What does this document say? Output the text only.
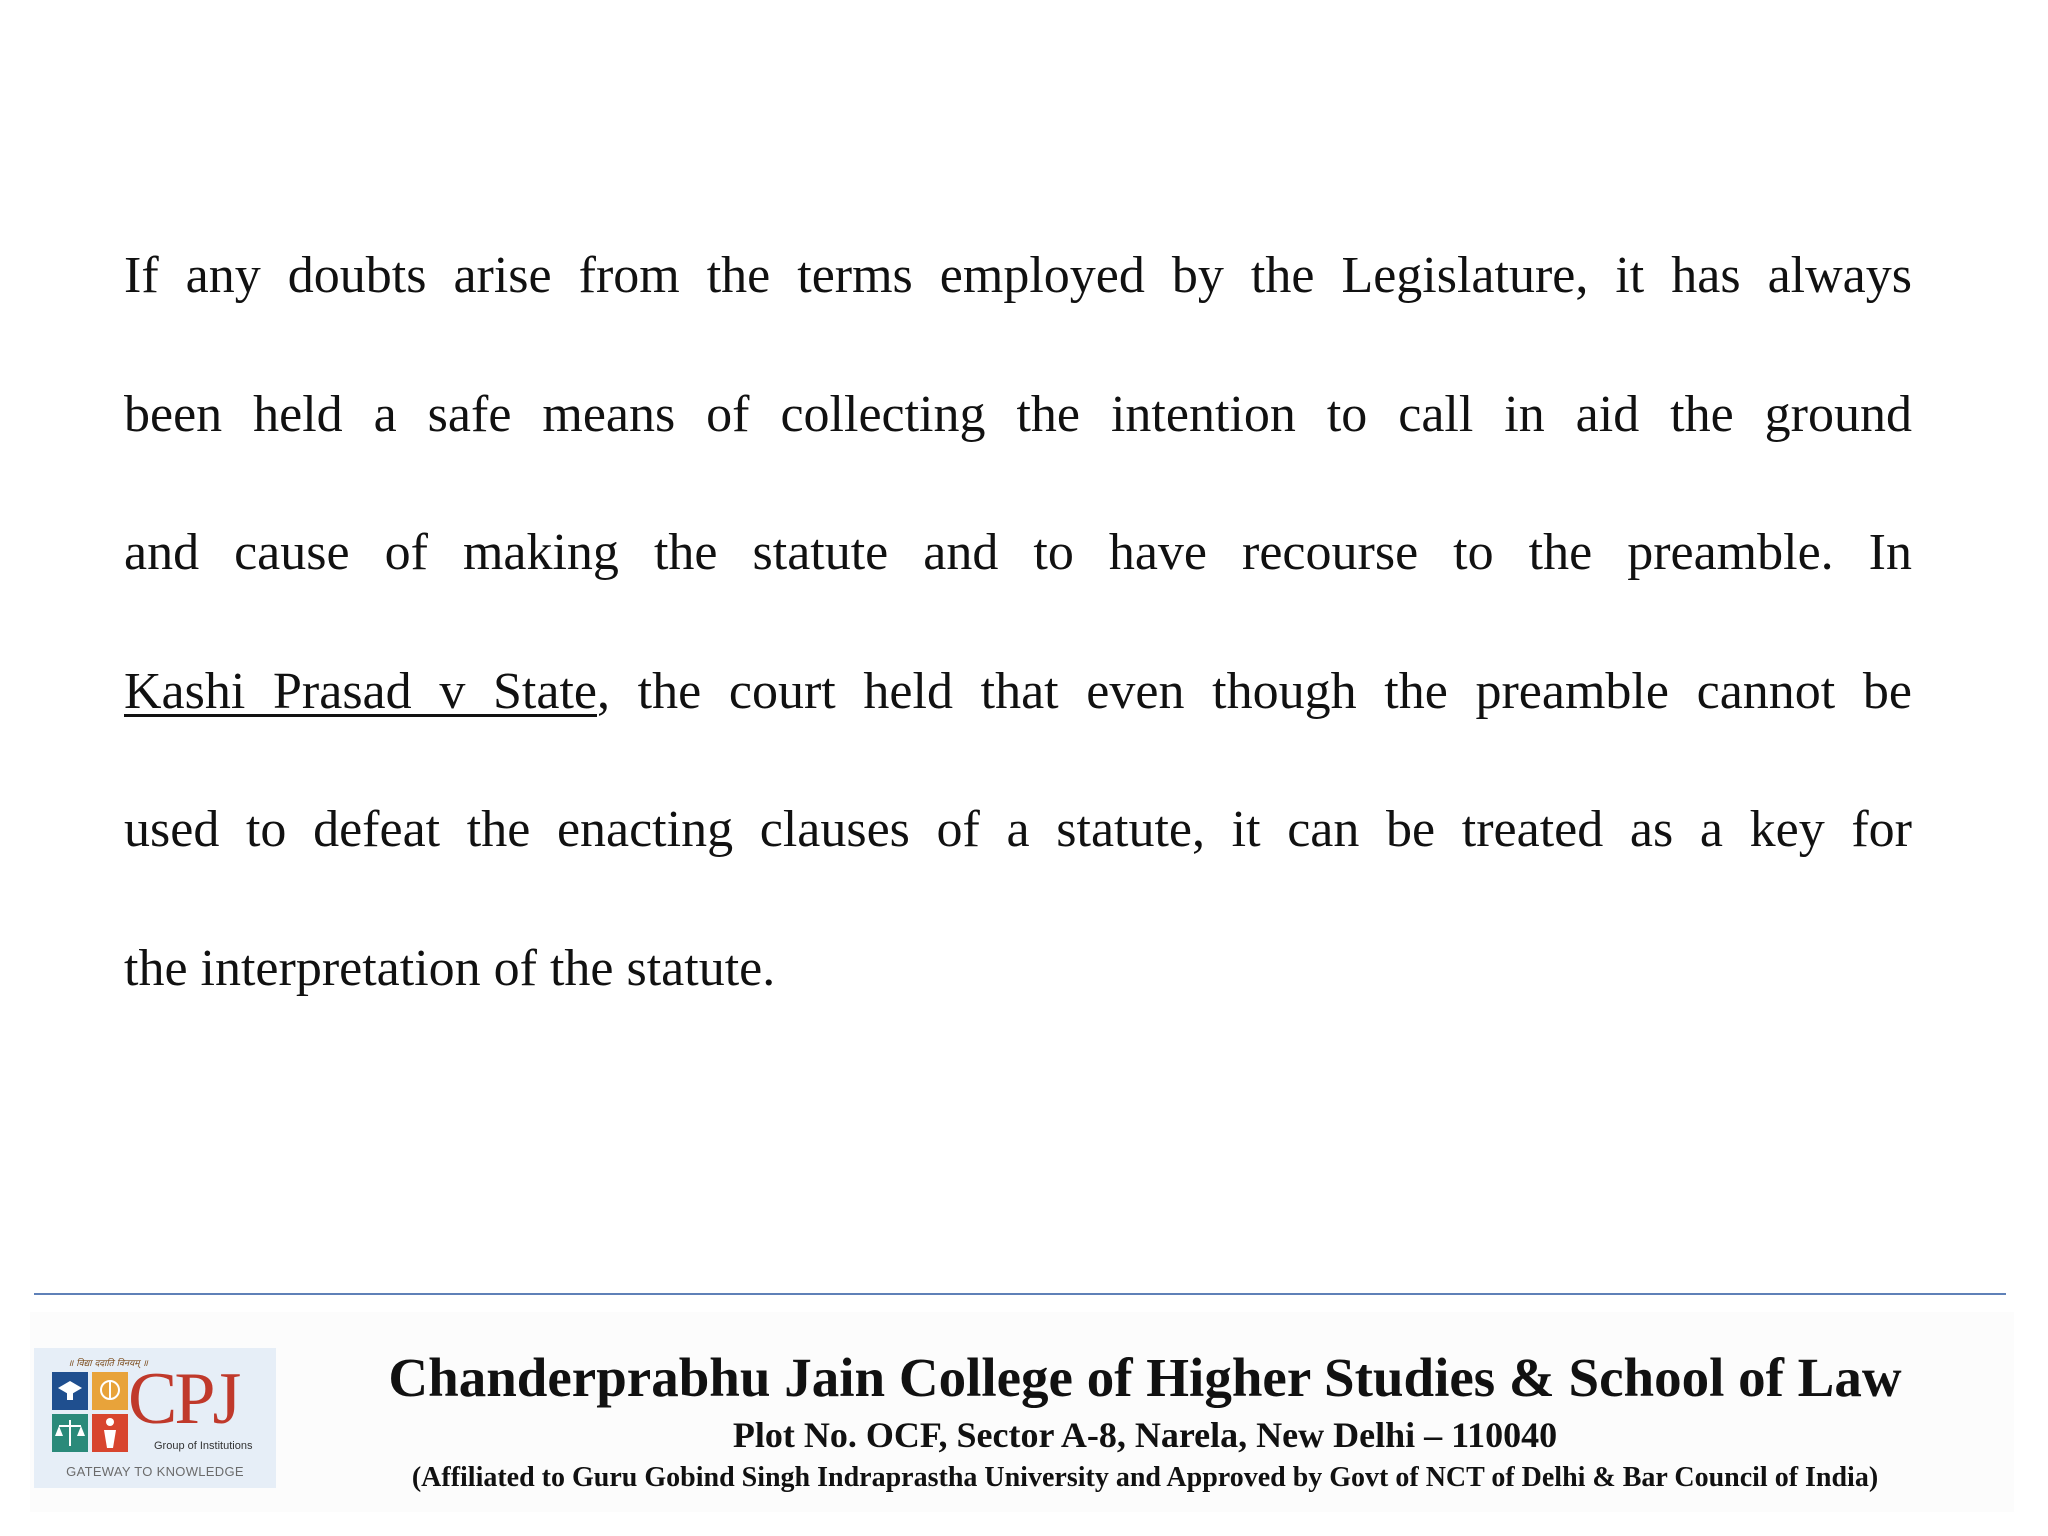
If any doubts arise from the terms employed by the Legislature, it has always
been held a safe means of collecting the intention to call in aid the ground
and cause of making the statute and to have recourse to the preamble. In
Kashi Prasad v State, the court held that even though the preamble cannot be
used to defeat the enacting clauses of a statute, it can be treated as a key for
the interpretation of the statute.
॥ विद्या ददाति विनयम् ॥
CPJ
Group of Institutions
GATEWAY TO KNOWLEDGE
Chanderprabhu Jain College of Higher Studies & School of Law
Plot No. OCF, Sector A-8, Narela, New Delhi – 110040
(Affiliated to Guru Gobind Singh Indraprastha University and Approved by Govt of NCT of Delhi & Bar Council of India)
